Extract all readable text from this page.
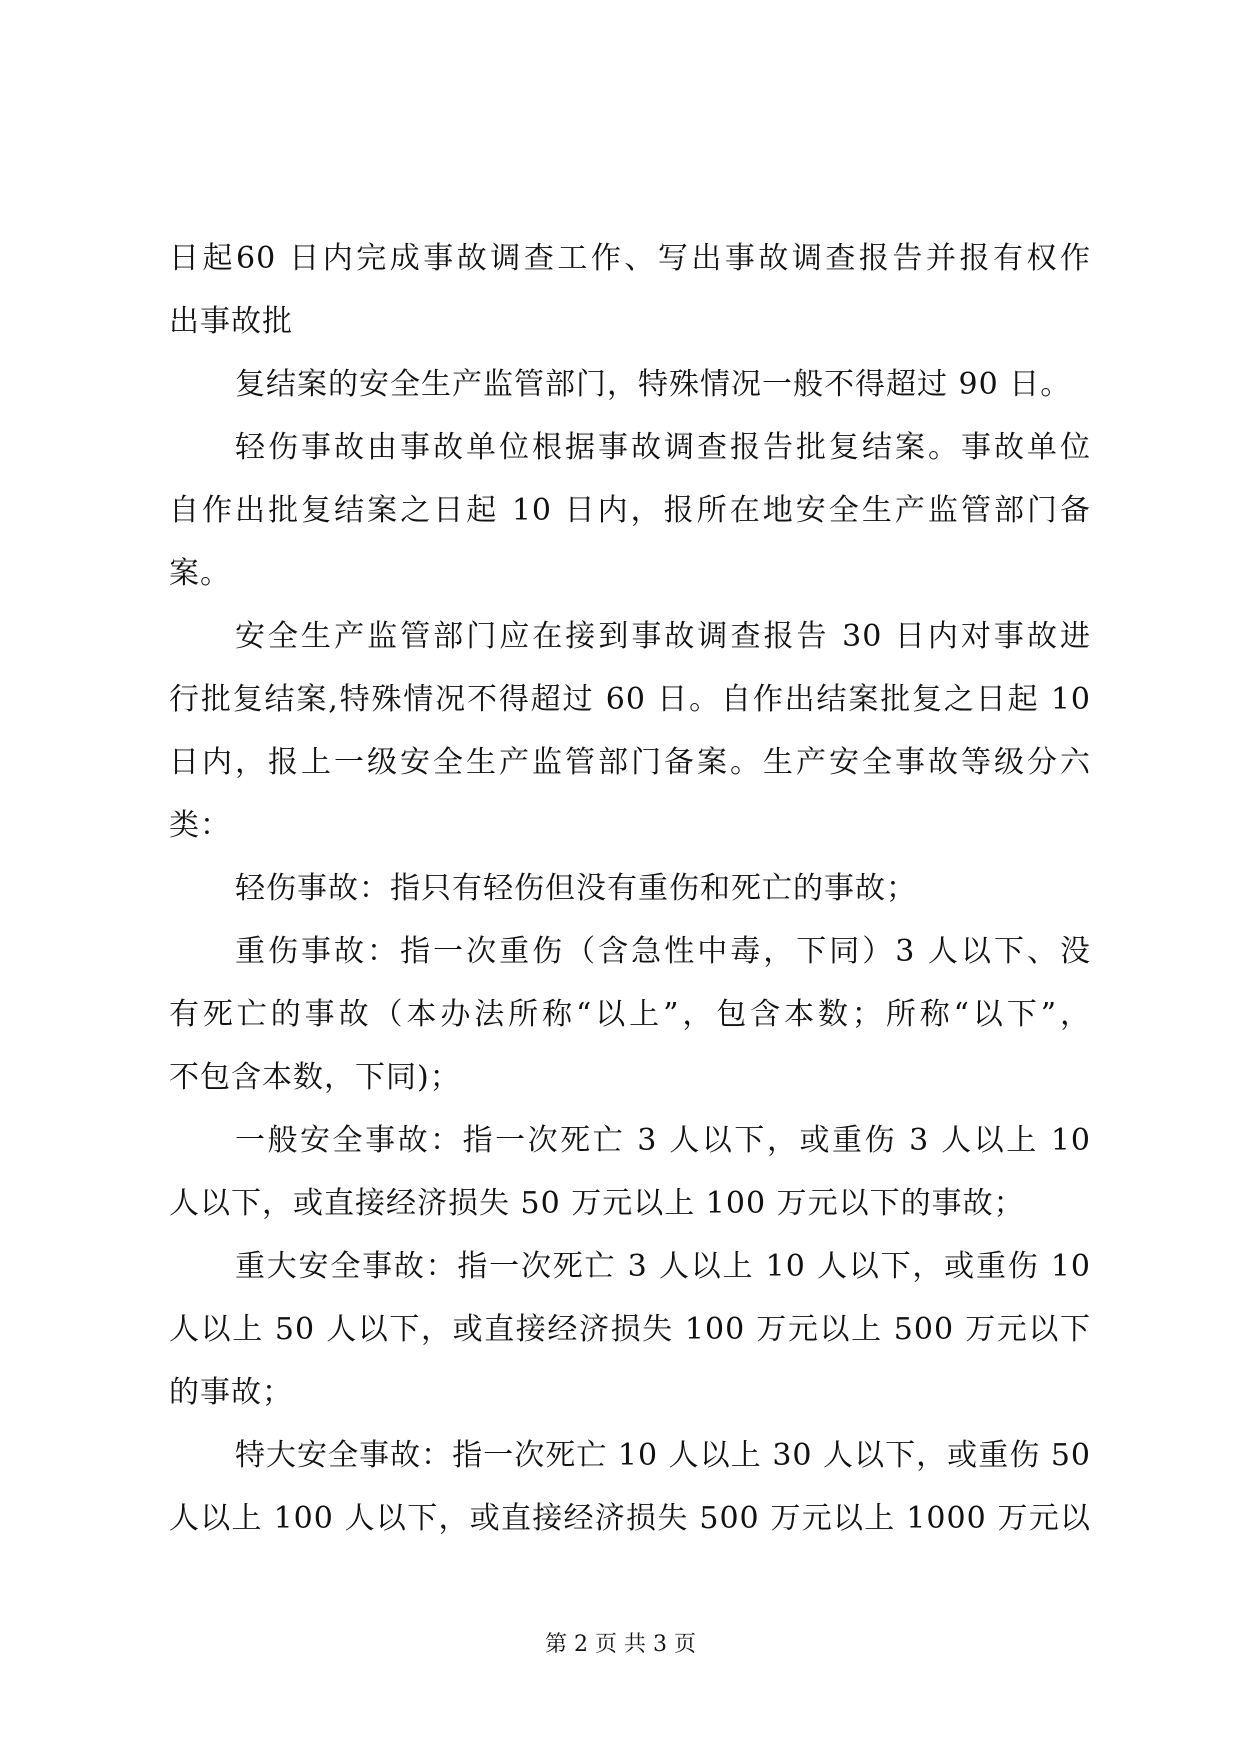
日起60 日内完成事故调查工作、写出事故调查报告并报有权作
出事故批
复结案的安全生产监管部门，特殊情况一般不得超过 90 日。
轻伤事故由事故单位根据事故调查报告批复结案。事故单位
自作出批复结案之日起 10 日内，报所在地安全生产监管部门备
案。
安全生产监管部门应在接到事故调查报告 30 日内对事故进
行批复结案,特殊情况不得超过 60 日。自作出结案批复之日起 10
日内，报上一级安全生产监管部门备案。生产安全事故等级分六
类：
轻伤事故：指只有轻伤但没有重伤和死亡的事故；
重伤事故：指一次重伤（含急性中毒，下同）3 人以下、没
有死亡的事故（本办法所称“以上”，包含本数；所称“以下”，
不包含本数，下同)；
一般安全事故：指一次死亡 3 人以下，或重伤 3 人以上 10
人以下，或直接经济损失 50 万元以上 100 万元以下的事故；
重大安全事故：指一次死亡 3 人以上 10 人以下，或重伤 10
人以上 50 人以下，或直接经济损失 100 万元以上 500 万元以下
的事故；
特大安全事故：指一次死亡 10 人以上 30 人以下，或重伤 50
人以上 100 人以下，或直接经济损失 500 万元以上 1000 万元以
第 2 页 共 3 页
